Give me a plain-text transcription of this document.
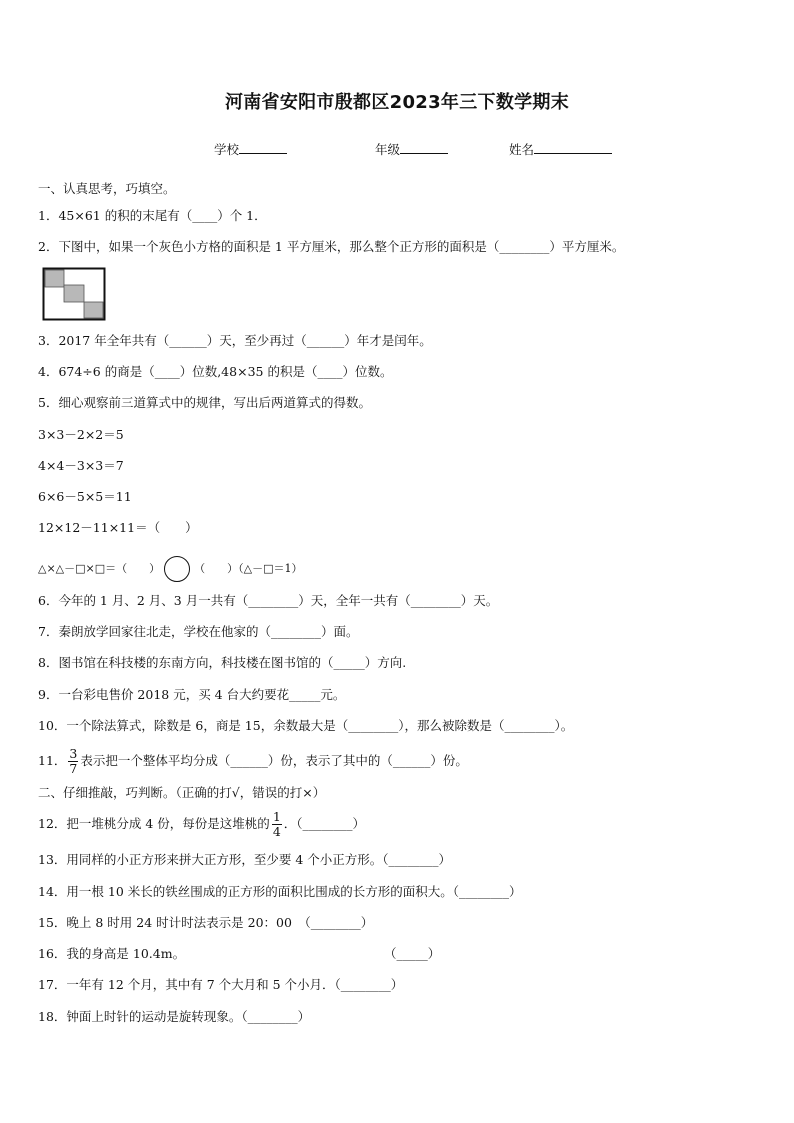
河南省安阳市殷都区2023年三下数学期末
学校	年级	姓名
一、认真思考，巧填空。
1．45×61 的积的末尾有（____）个 1．
2．下图中，如果一个灰色小方格的面积是 1 平方厘米，那么整个正方形的面积是（________）平方厘米。
3．2017 年全年共有（______）天，至少再过（______）年才是闰年。
4．674÷6 的商是（____）位数,48×35 的积是（____）位数。
5．细心观察前三道算式中的规律，写出后两道算式的得数。
3×3－2×2＝5
4×4－3×3＝7
6×6－5×5＝11
12×12－11×11＝（　　）
△×△－□×□＝（　　）	（　　）（△－□＝1）
6．今年的 1 月、2 月、3 月一共有（________）天，全年一共有（________）天。
7．秦朗放学回家往北走，学校在他家的（________）面。
8．图书馆在科技楼的东南方向，科技楼在图书馆的（_____）方向.
9．一台彩电售价 2018 元，买 4 台大约要花_____元。
10．一个除法算式，除数是 6，商是 15，余数最大是（________），那么被除数是（________）。
11． $\frac{3}{7}$ 表示把一个整体平均分成（______）份，表示了其中的（______）份。
二、仔细推敲，巧判断。（正确的打√，错误的打×）
12．把一堆桃分成 4 份，每份是这堆桃的 $\frac{1}{4}$ ．（________）
13．用同样的小正方形来拼大正方形，至少要 4 个小正方形。（________）
14．用一根 10 米长的铁丝围成的正方形的面积比围成的长方形的面积大。（________）
15．晚上 8 时用 24 时计时法表示是 20：00　（________）
16．我的身高是 10.4m。	（_____）
17．一年有 12 个月，其中有 7 个大月和 5 个小月．（________）
18．钟面上时针的运动是旋转现象。（________）
